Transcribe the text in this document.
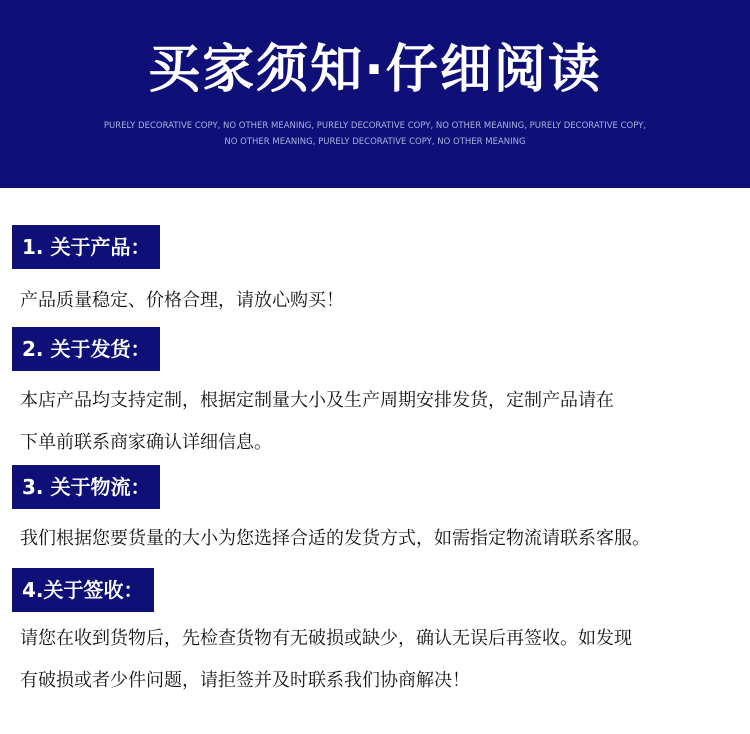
买家须知·仔细阅读
PURELY DECORATIVE COPY, NO OTHER MEANING, PURELY DECORATIVE COPY, NO OTHER MEANING, PURELY DECORATIVE COPY, NO OTHER MEANING, PURELY DECORATIVE COPY, NO OTHER MEANING
1. 关于产品：
产品质量稳定、价格合理，请放心购买！
2. 关于发货：
本店产品均支持定制，根据定制量大小及生产周期安排发货，定制产品请在
下单前联系商家确认详细信息。
3. 关于物流：
我们根据您要货量的大小为您选择合适的发货方式，如需指定物流请联系客服。
4.关于签收：
请您在收到货物后，先检查货物有无破损或缺少，确认无误后再签收。如发现
有破损或者少件问题，请拒签并及时联系我们协商解决！
